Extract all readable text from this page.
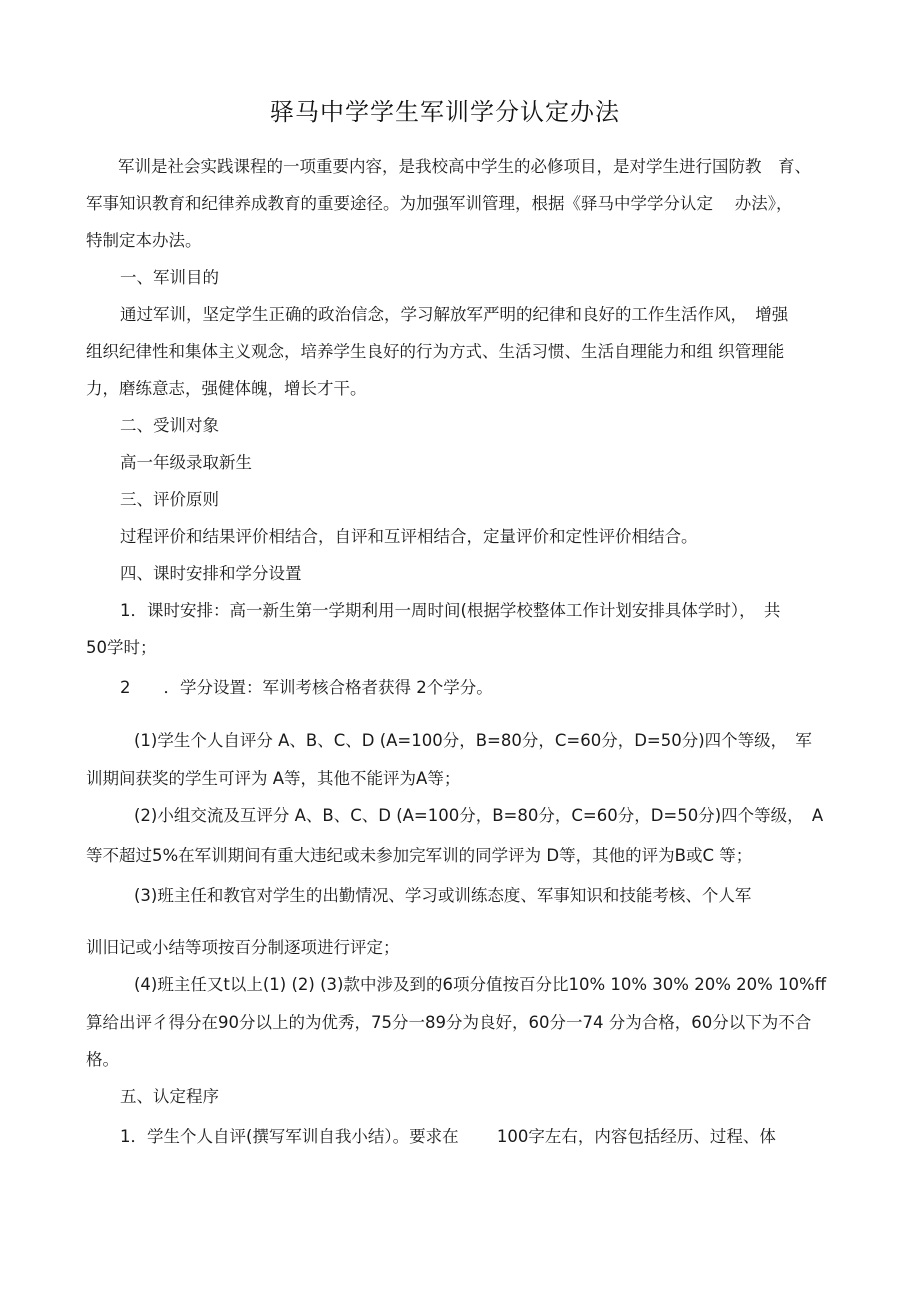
驿马中学学生军训学分认定办法
军训是社会实践课程的一项重要内容，是我校高中学生的必修项目，是对学生进行国防教　育、
军事知识教育和纪律养成教育的重要途径。为加强军训管理，根据《驿马中学学分认定　 办法》，
特制定本办法。
一、军训目的
通过军训，坚定学生正确的政治信念，学习解放军严明的纪律和良好的工作生活作风，　增强
组织纪律性和集体主义观念，培养学生良好的行为方式、生活习惯、生活自理能力和组 织管理能
力，磨练意志，强健体魄，增长才干。
二、受训对象
高一年级录取新生
三、评价原则
过程评价和结果评价相结合，自评和互评相结合，定量评价和定性评价相结合。
四、课时安排和学分设置
1．课时安排：高一新生第一学期利用一周时间(根据学校整体工作计划安排具体学时），　共
50学时；
2　　．学分设置：军训考核合格者获得 2个学分。
(1)学生个人自评分 A、B、C、D (A=100分，B=80分，C=60分，D=50分)四个等级，　军
训期间获奖的学生可评为 A等，其他不能评为A等；
(2)小组交流及互评分 A、B、C、D (A=100分，B=80分，C=60分，D=50分)四个等级，　A
等不超过5%在军训期间有重大违纪或未参加完军训的同学评为 D等，其他的评为B或C 等；
(3)班主任和教官对学生的出勤情况、学习或训练态度、军事知识和技能考核、个人军
训旧记或小结等项按百分制逐项进行评定；
(4)班主任又t以上(1) (2) (3)款中涉及到的6项分值按百分比10% 10% 30% 20% 20% 10%ff
算给出评彳得分在90分以上的为优秀，75分一89分为良好，60分一74 分为合格，60分以下为不合
格。
五、认定程序
1．学生个人自评(撰写军训自我小结）。要求在　　 100字左右，内容包括经历、过程、体
